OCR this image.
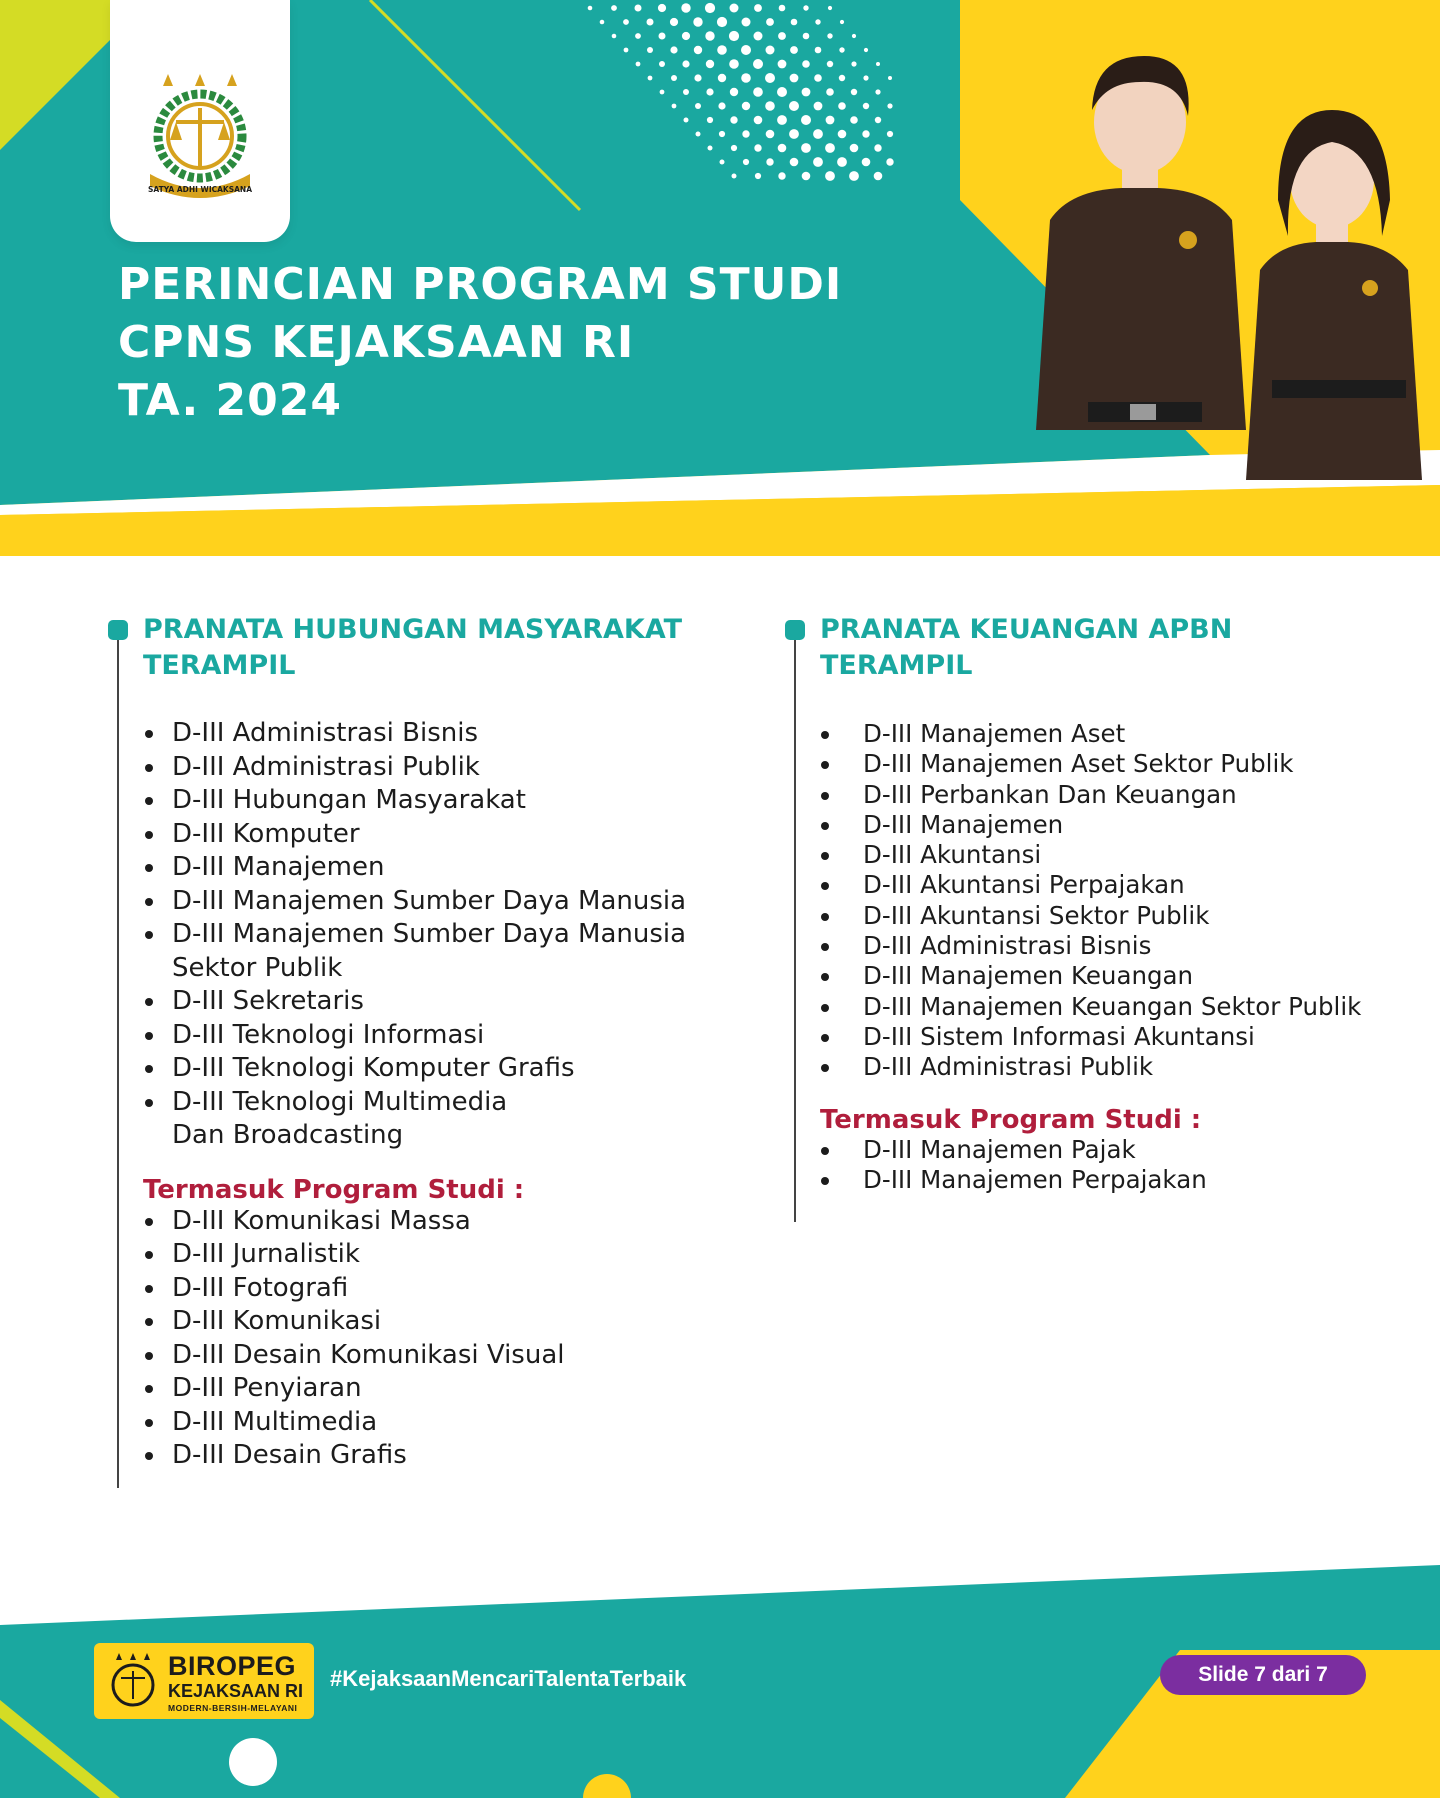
SATYA ADHI WICAKSANA
PERINCIAN PROGRAM STUDI
CPNS KEJAKSAAN RI
TA. 2024
PRANATA HUBUNGAN MASYARAKAT TERAMPIL
D-III Administrasi Bisnis
D-III Administrasi Publik
D-III Hubungan Masyarakat
D-III Komputer
D-III Manajemen
D-III Manajemen Sumber Daya Manusia
D-III Manajemen Sumber Daya Manusia Sektor Publik
D-III Sekretaris
D-III Teknologi Informasi
D-III Teknologi Komputer Grafis
D-III Teknologi Multimedia Dan Broadcasting
Termasuk Program Studi :
D-III Komunikasi Massa
D-III Jurnalistik
D-III Fotografi
D-III Komunikasi
D-III Desain Komunikasi Visual
D-III Penyiaran
D-III Multimedia
D-III Desain Grafis
PRANATA KEUANGAN APBN TERAMPIL
D-III Manajemen Aset
D-III Manajemen Aset Sektor Publik
D-III Perbankan Dan Keuangan
D-III Manajemen
D-III Akuntansi
D-III Akuntansi Perpajakan
D-III Akuntansi Sektor Publik
D-III Administrasi Bisnis
D-III Manajemen Keuangan
D-III Manajemen Keuangan Sektor Publik
D-III Sistem Informasi Akuntansi
D-III Administrasi Publik
Termasuk Program Studi :
D-III Manajemen Pajak
D-III Manajemen Perpajakan
BIROPEG
KEJAKSAAN RI
MODERN-BERSIH-MELAYANI
#KejaksaanMencariTalentaTerbaik	Slide 7 dari 7
